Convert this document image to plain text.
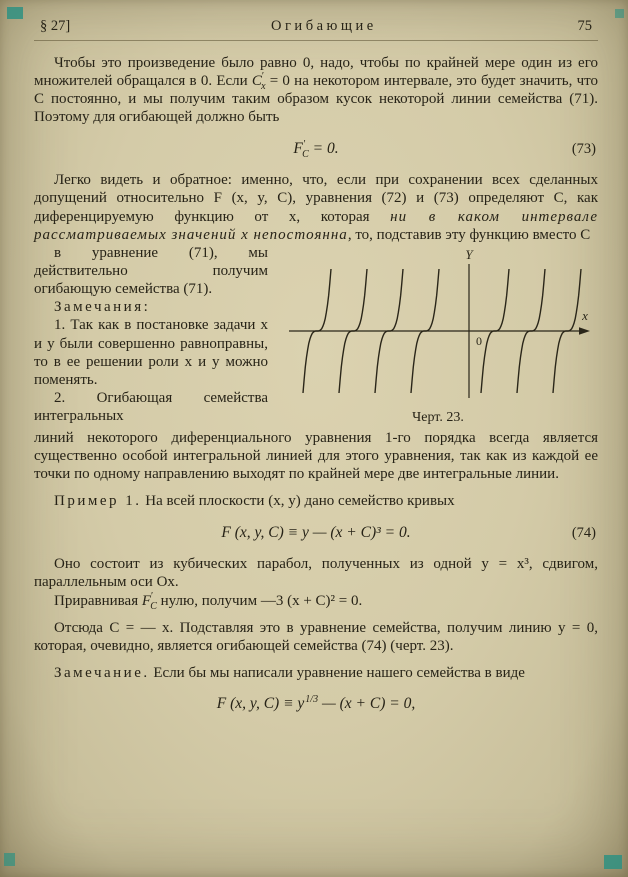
§ 27]	Огибающие	75

Чтобы это произведение было равно 0, надо, чтобы по крайней мере один из его множителей обращался в 0. Если $C'_x = 0$ на некотором интервале, это будет значить, что C постоянно, и мы получим таким образом кусок некоторой линии семейства (71). Поэтому для огибающей должно быть

$F'_C = 0$.	(73)

Легко видеть и обратное: именно, что, если при сохранении всех сделанных допущений относительно F (x, y, C), уравнения (72) и (73) определяют C, как диференцируемую функцию от x, которая ни в каком интервале рассматриваемых значений x непостоянна, то, подставив эту функцию вместо C

x
Y
0
Черт. 23.

в уравнение (71), мы действительно получим огибающую семейства (71).

Замечания:

1. Так как в постановке задачи x и y были совершенно равноправны, то в ее решении роли x и y можно поменять.

2. Огибающая семейства интегральных

линий некоторого диференциального уравнения 1-го порядка всегда является существенно особой интегральной линией для этого уравнения, так как из каждой ее точки по одному направлению выходят по крайней мере две интегральные линии.

Пример 1. На всей плоскости (x, y) дано семейство кривых

F (x, y, C) ≡ y — (x + C)³ = 0.	(74)

Оно состоит из кубических парабол, полученных из одной y = x³, сдвигом, параллельным оси Ox.

Приравнивая $F'_C$ нулю, получим —3 (x + C)² = 0.

Отсюда C = — x. Подставляя это в уравнение семейства, получим линию y = 0, которая, очевидно, является огибающей семейства (74) (черт. 23).

Замечание. Если бы мы написали уравнение нашего семейства в виде

F (x, y, $C) \equiv y^{1/3}$ — (x + C) = 0,
